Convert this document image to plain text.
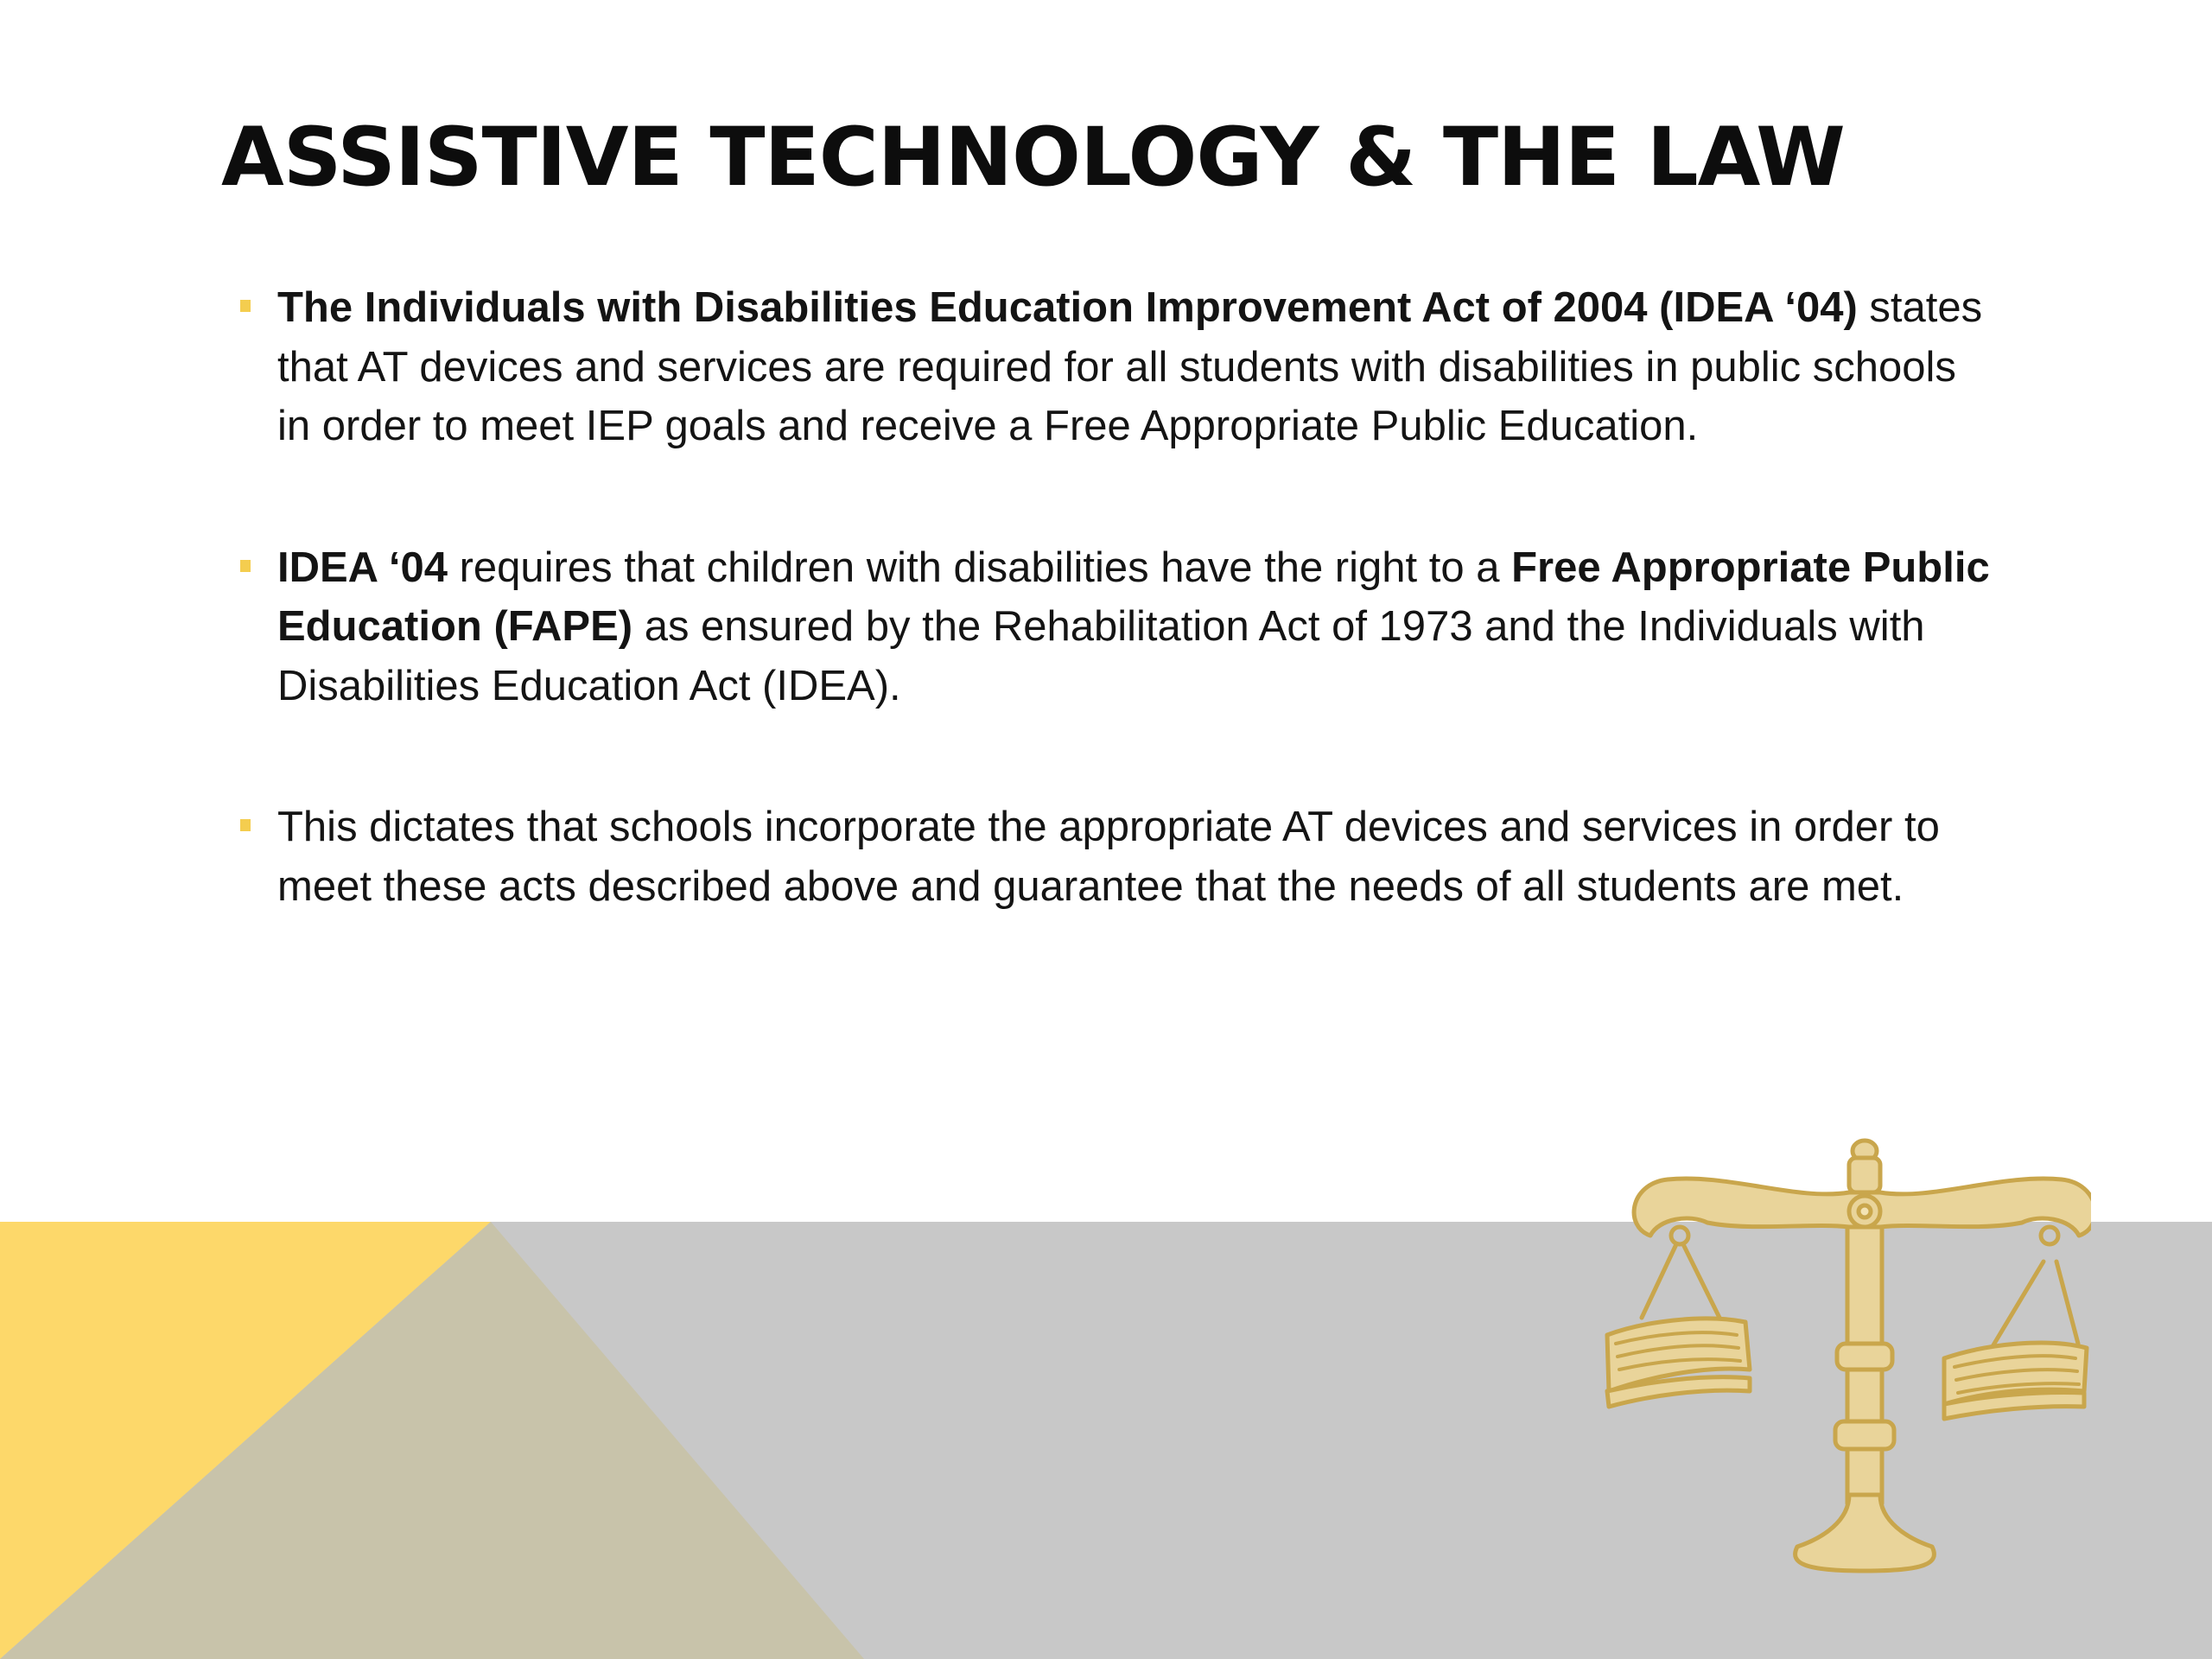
ASSISTIVE TECHNOLOGY & THE LAW
The Individuals with Disabilities Education Improvement Act of 2004 (IDEA ‘04) states that AT devices and services are required for all students with disabilities in public schools in order to meet IEP goals and receive a Free Appropriate Public Education.
IDEA ‘04 requires that children with disabilities have the right to a Free Appropriate Public Education (FAPE) as ensured by the Rehabilitation Act of 1973 and the Individuals with Disabilities Education Act (IDEA).
This dictates that schools incorporate the appropriate AT devices and services in order to meet these acts described above and guarantee that the needs of all students are met.
